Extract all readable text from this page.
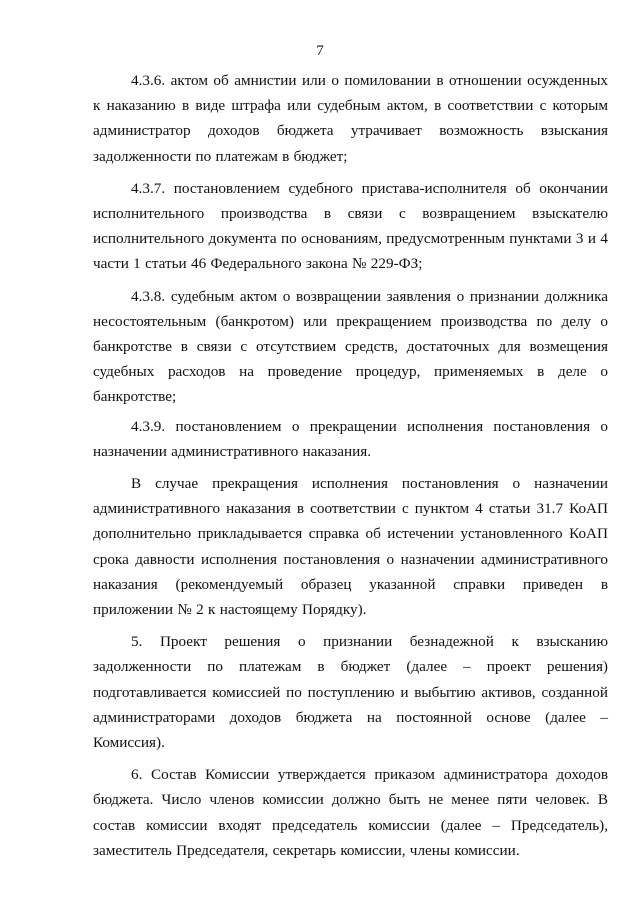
7

4.3.6. актом об амнистии или о помиловании в отношении осужденных к наказанию в виде штрафа или судебным актом, в соответствии с которым администратор доходов бюджета утрачивает возможность взыскания задолженности по платежам в бюджет;

4.3.7. постановлением судебного пристава-исполнителя об окончании исполнительного производства в связи с возвращением взыскателю исполнительного документа по основаниям, предусмотренным пунктами 3 и 4 части 1 статьи 46 Федерального закона № 229-ФЗ;

4.3.8. судебным актом о возвращении заявления о признании должника несостоятельным (банкротом) или прекращением производства по делу о банкротстве в связи с отсутствием средств, достаточных для возмещения судебных расходов на проведение процедур, применяемых в деле о банкротстве;

4.3.9. постановлением о прекращении исполнения постановления о назначении административного наказания.

В случае прекращения исполнения постановления о назначении административного наказания в соответствии с пунктом 4 статьи 31.7 КоАП дополнительно прикладывается справка об истечении установленного КоАП срока давности исполнения постановления о назначении административного наказания (рекомендуемый образец указанной справки приведен в приложении № 2 к настоящему Порядку).

5. Проект решения о признании безнадежной к взысканию задолженности по платежам в бюджет (далее – проект решения) подготавливается комиссией по поступлению и выбытию активов, созданной администраторами доходов бюджета на постоянной основе (далее – Комиссия).

6. Состав Комиссии утверждается приказом администратора доходов бюджета. Число членов комиссии должно быть не менее пяти человек. В состав комиссии входят председатель комиссии (далее – Председатель), заместитель Председателя, секретарь комиссии, члены комиссии.
